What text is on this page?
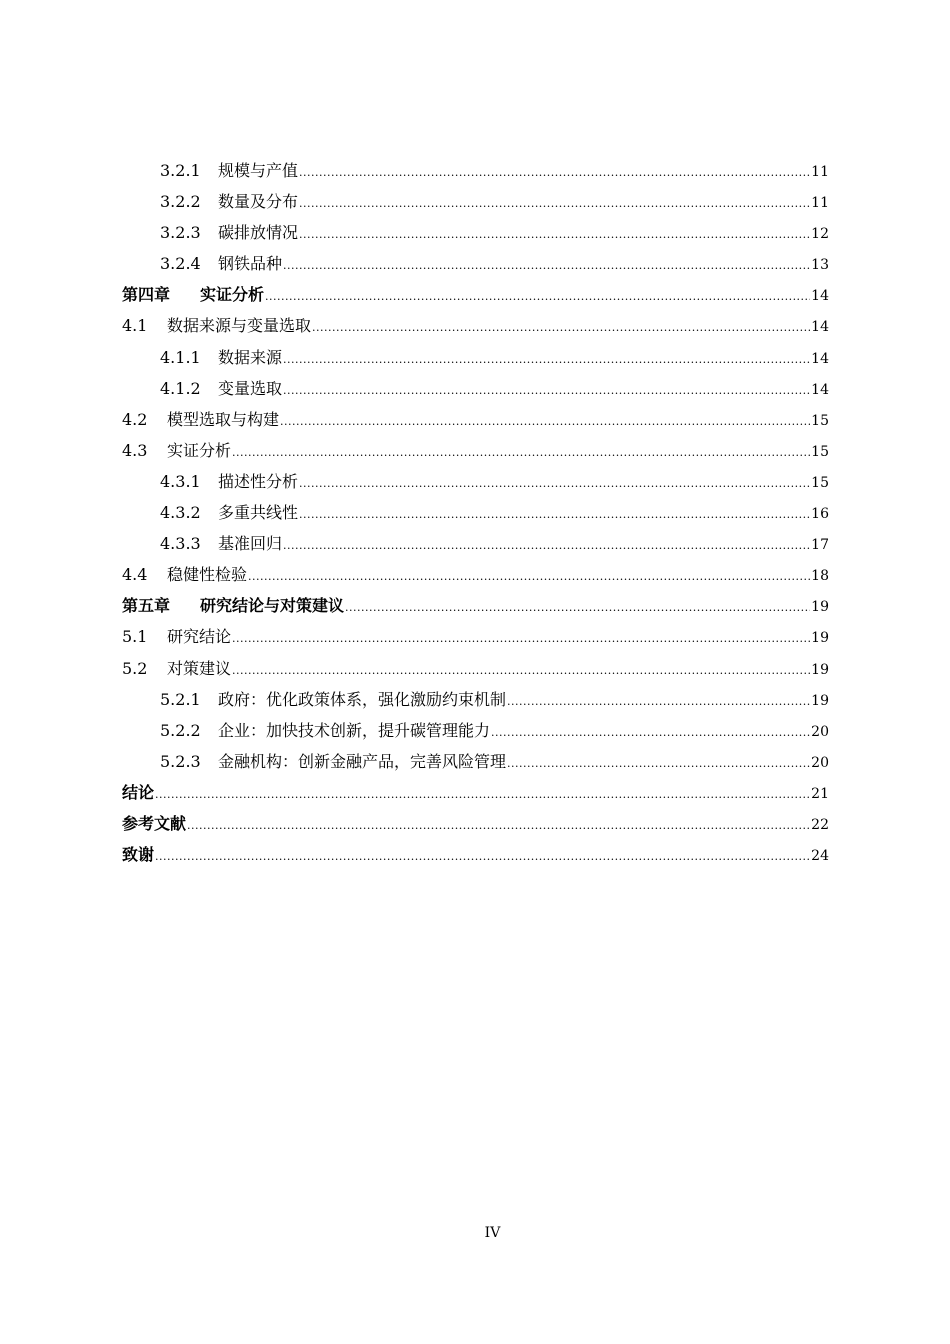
3.2.1	规模与产值 .....	11
3.2.2	数量及分布 .....	11
3.2.3	碳排放情况 .....	12
3.2.4	钢铁品种 .....	13
第四章	实证分析 .....	14
4.1	数据来源与变量选取 .....	14
4.1.1	数据来源 .....	14
4.1.2	变量选取 .....	14
4.2	模型选取与构建 .....	15
4.3	实证分析 .....	15
4.3.1	描述性分析 .....	15
4.3.2	多重共线性 .....	16
4.3.3	基准回归 .....	17
4.4	稳健性检验 .....	18
第五章	研究结论与对策建议 .....	19
5.1	研究结论 .....	19
5.2	对策建议 .....	19
5.2.1	政府：优化政策体系，强化激励约束机制 .....	19
5.2.2	企业：加快技术创新，提升碳管理能力 .....	20
5.2.3	金融机构：创新金融产品，完善风险管理 .....	20
结论 .....	21
参考文献 .....	22
致谢 .....	24
IV
